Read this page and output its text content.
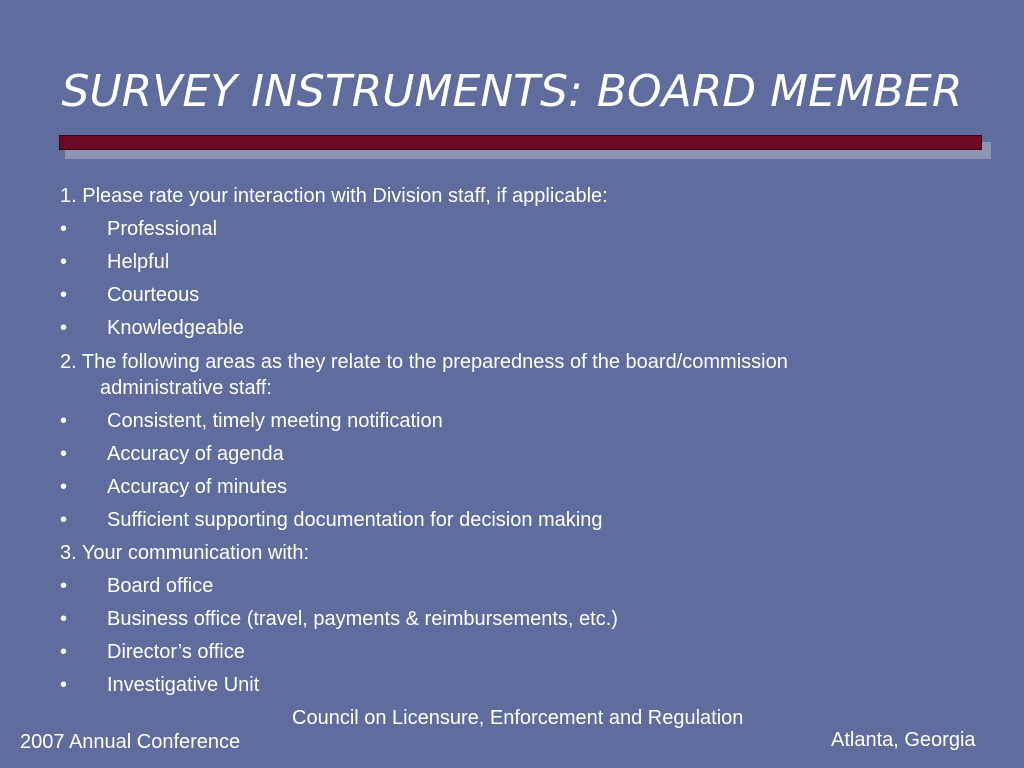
SURVEY INSTRUMENTS: BOARD MEMBER
1. Please rate your interaction with Division staff, if applicable:
•	Professional
•	Helpful
•	Courteous
•	Knowledgeable
2. The following areas as they relate to the preparedness of the board/commission
administrative staff:
•	Consistent, timely meeting notification
•	Accuracy of agenda
•	Accuracy of minutes
•	Sufficient supporting documentation for decision making
3. Your communication with:
•	Board office
•	Business office (travel, payments & reimbursements, etc.)
•	Director’s office
•	Investigative Unit
Council on Licensure, Enforcement and Regulation
2007 Annual Conference	Atlanta, Georgia
